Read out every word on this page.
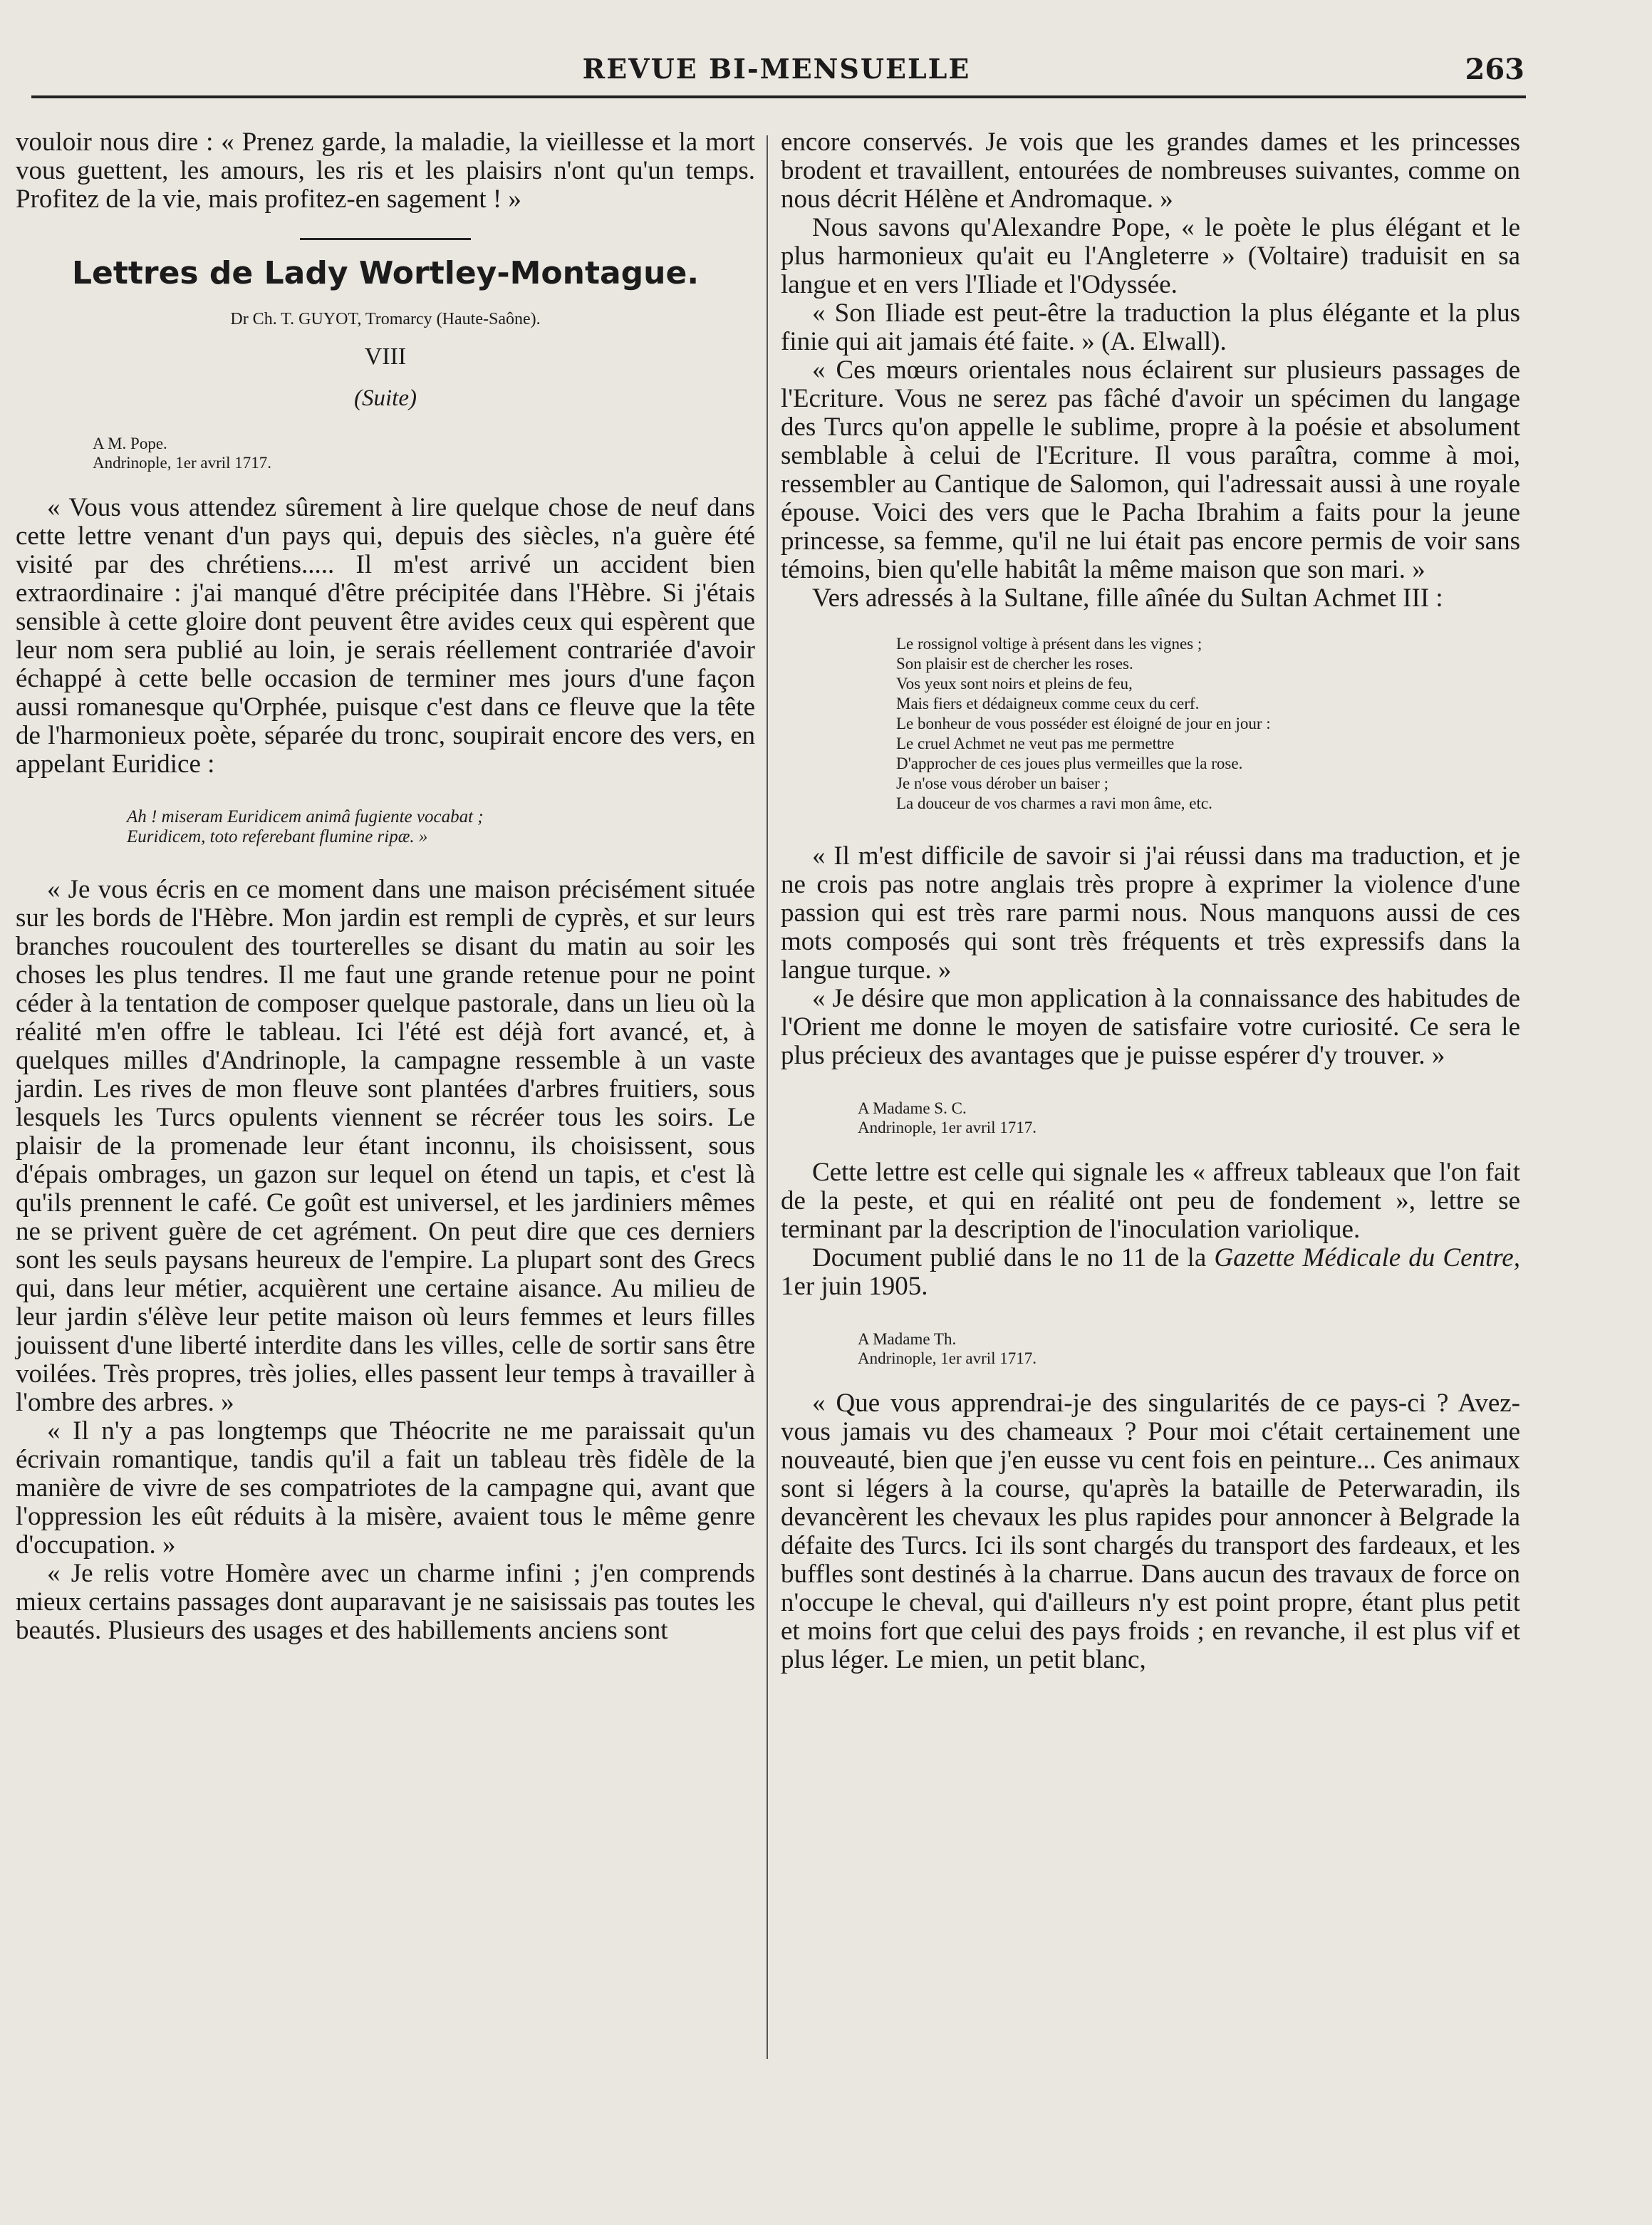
REVUE BI-MENSUELLE	263

vouloir nous dire : « Prenez garde, la maladie, la vieillesse et la mort vous guettent, les amours, les ris et les plaisirs n'ont qu'un temps. Profitez de la vie, mais profitez-en sagement ! »

Lettres de Lady Wortley-Montague.
Dr Ch. T. GUYOT, Tromarcy (Haute-Saône).
VIII
(Suite)
A M. Pope.
Andrinople, 1er avril 1717.

« Vous vous attendez sûrement à lire quelque chose de neuf dans cette lettre venant d'un pays qui, depuis des siècles, n'a guère été visité par des chrétiens..... Il m'est arrivé un accident bien extraordinaire : j'ai manqué d'être précipitée dans l'Hèbre. Si j'étais sensible à cette gloire dont peuvent être avides ceux qui espèrent que leur nom sera publié au loin, je serais réellement contrariée d'avoir échappé à cette belle occasion de terminer mes jours d'une façon aussi romanesque qu'Orphée, puisque c'est dans ce fleuve que la tête de l'harmonieux poète, séparée du tronc, soupirait encore des vers, en appelant Euridice :

Ah ! miseram Euridicem animâ fugiente vocabat ;
Euridicem, toto referebant flumine ripæ. »

« Je vous écris en ce moment dans une maison précisément située sur les bords de l'Hèbre. Mon jardin est rempli de cyprès, et sur leurs branches roucoulent des tourterelles se disant du matin au soir les choses les plus tendres. Il me faut une grande retenue pour ne point céder à la tentation de composer quelque pastorale, dans un lieu où la réalité m'en offre le tableau. Ici l'été est déjà fort avancé, et, à quelques milles d'Andrinople, la campagne ressemble à un vaste jardin. Les rives de mon fleuve sont plantées d'arbres fruitiers, sous lesquels les Turcs opulents viennent se récréer tous les soirs. Le plaisir de la promenade leur étant inconnu, ils choisissent, sous d'épais ombrages, un gazon sur lequel on étend un tapis, et c'est là qu'ils prennent le café. Ce goût est universel, et les jardiniers mêmes ne se privent guère de cet agrément. On peut dire que ces derniers sont les seuls paysans heureux de l'empire. La plupart sont des Grecs qui, dans leur métier, acquièrent une certaine aisance. Au milieu de leur jardin s'élève leur petite maison où leurs femmes et leurs filles jouissent d'une liberté interdite dans les villes, celle de sortir sans être voilées. Très propres, très jolies, elles passent leur temps à travailler à l'ombre des arbres. »

« Il n'y a pas longtemps que Théocrite ne me paraissait qu'un écrivain romantique, tandis qu'il a fait un tableau très fidèle de la manière de vivre de ses compatriotes de la campagne qui, avant que l'oppression les eût réduits à la misère, avaient tous le même genre d'occupation. »

« Je relis votre Homère avec un charme infini ; j'en comprends mieux certains passages dont auparavant je ne saisissais pas toutes les beautés. Plusieurs des usages et des habillements anciens sont

encore conservés. Je vois que les grandes dames et les princesses brodent et travaillent, entourées de nombreuses suivantes, comme on nous décrit Hélène et Andromaque. »

Nous savons qu'Alexandre Pope, « le poète le plus élégant et le plus harmonieux qu'ait eu l'Angleterre » (Voltaire) traduisit en sa langue et en vers l'Iliade et l'Odyssée.

« Son Iliade est peut-être la traduction la plus élégante et la plus finie qui ait jamais été faite. » (A. Elwall).

« Ces mœurs orientales nous éclairent sur plusieurs passages de l'Ecriture. Vous ne serez pas fâché d'avoir un spécimen du langage des Turcs qu'on appelle le sublime, propre à la poésie et absolument semblable à celui de l'Ecriture. Il vous paraîtra, comme à moi, ressembler au Cantique de Salomon, qui l'adressait aussi à une royale épouse. Voici des vers que le Pacha Ibrahim a faits pour la jeune princesse, sa femme, qu'il ne lui était pas encore permis de voir sans témoins, bien qu'elle habitât la même maison que son mari. »

Vers adressés à la Sultane, fille aînée du Sultan Achmet III :

Le rossignol voltige à présent dans les vignes ;
Son plaisir est de chercher les roses.
Vos yeux sont noirs et pleins de feu,
Mais fiers et dédaigneux comme ceux du cerf.
Le bonheur de vous posséder est éloigné de jour en jour :
Le cruel Achmet ne veut pas me permettre
D'approcher de ces joues plus vermeilles que la rose.
Je n'ose vous dérober un baiser ;
La douceur de vos charmes a ravi mon âme, etc.

« Il m'est difficile de savoir si j'ai réussi dans ma traduction, et je ne crois pas notre anglais très propre à exprimer la violence d'une passion qui est très rare parmi nous. Nous manquons aussi de ces mots composés qui sont très fréquents et très expressifs dans la langue turque. »

« Je désire que mon application à la connaissance des habitudes de l'Orient me donne le moyen de satisfaire votre curiosité. Ce sera le plus précieux des avantages que je puisse espérer d'y trouver. »

A Madame S. C.
Andrinople, 1er avril 1717.

Cette lettre est celle qui signale les « affreux tableaux que l'on fait de la peste, et qui en réalité ont peu de fondement », lettre se terminant par la description de l'inoculation variolique.

Document publié dans le no 11 de la Gazette Médicale du Centre, 1er juin 1905.

A Madame Th.
Andrinople, 1er avril 1717.

« Que vous apprendrai-je des singularités de ce pays-ci ? Avez-vous jamais vu des chameaux ? Pour moi c'était certainement une nouveauté, bien que j'en eusse vu cent fois en peinture... Ces animaux sont si légers à la course, qu'après la bataille de Peterwaradin, ils devancèrent les chevaux les plus rapides pour annoncer à Belgrade la défaite des Turcs. Ici ils sont chargés du transport des fardeaux, et les buffles sont destinés à la charrue. Dans aucun des travaux de force on n'occupe le cheval, qui d'ailleurs n'y est point propre, étant plus petit et moins fort que celui des pays froids ; en revanche, il est plus vif et plus léger. Le mien, un petit blanc,
